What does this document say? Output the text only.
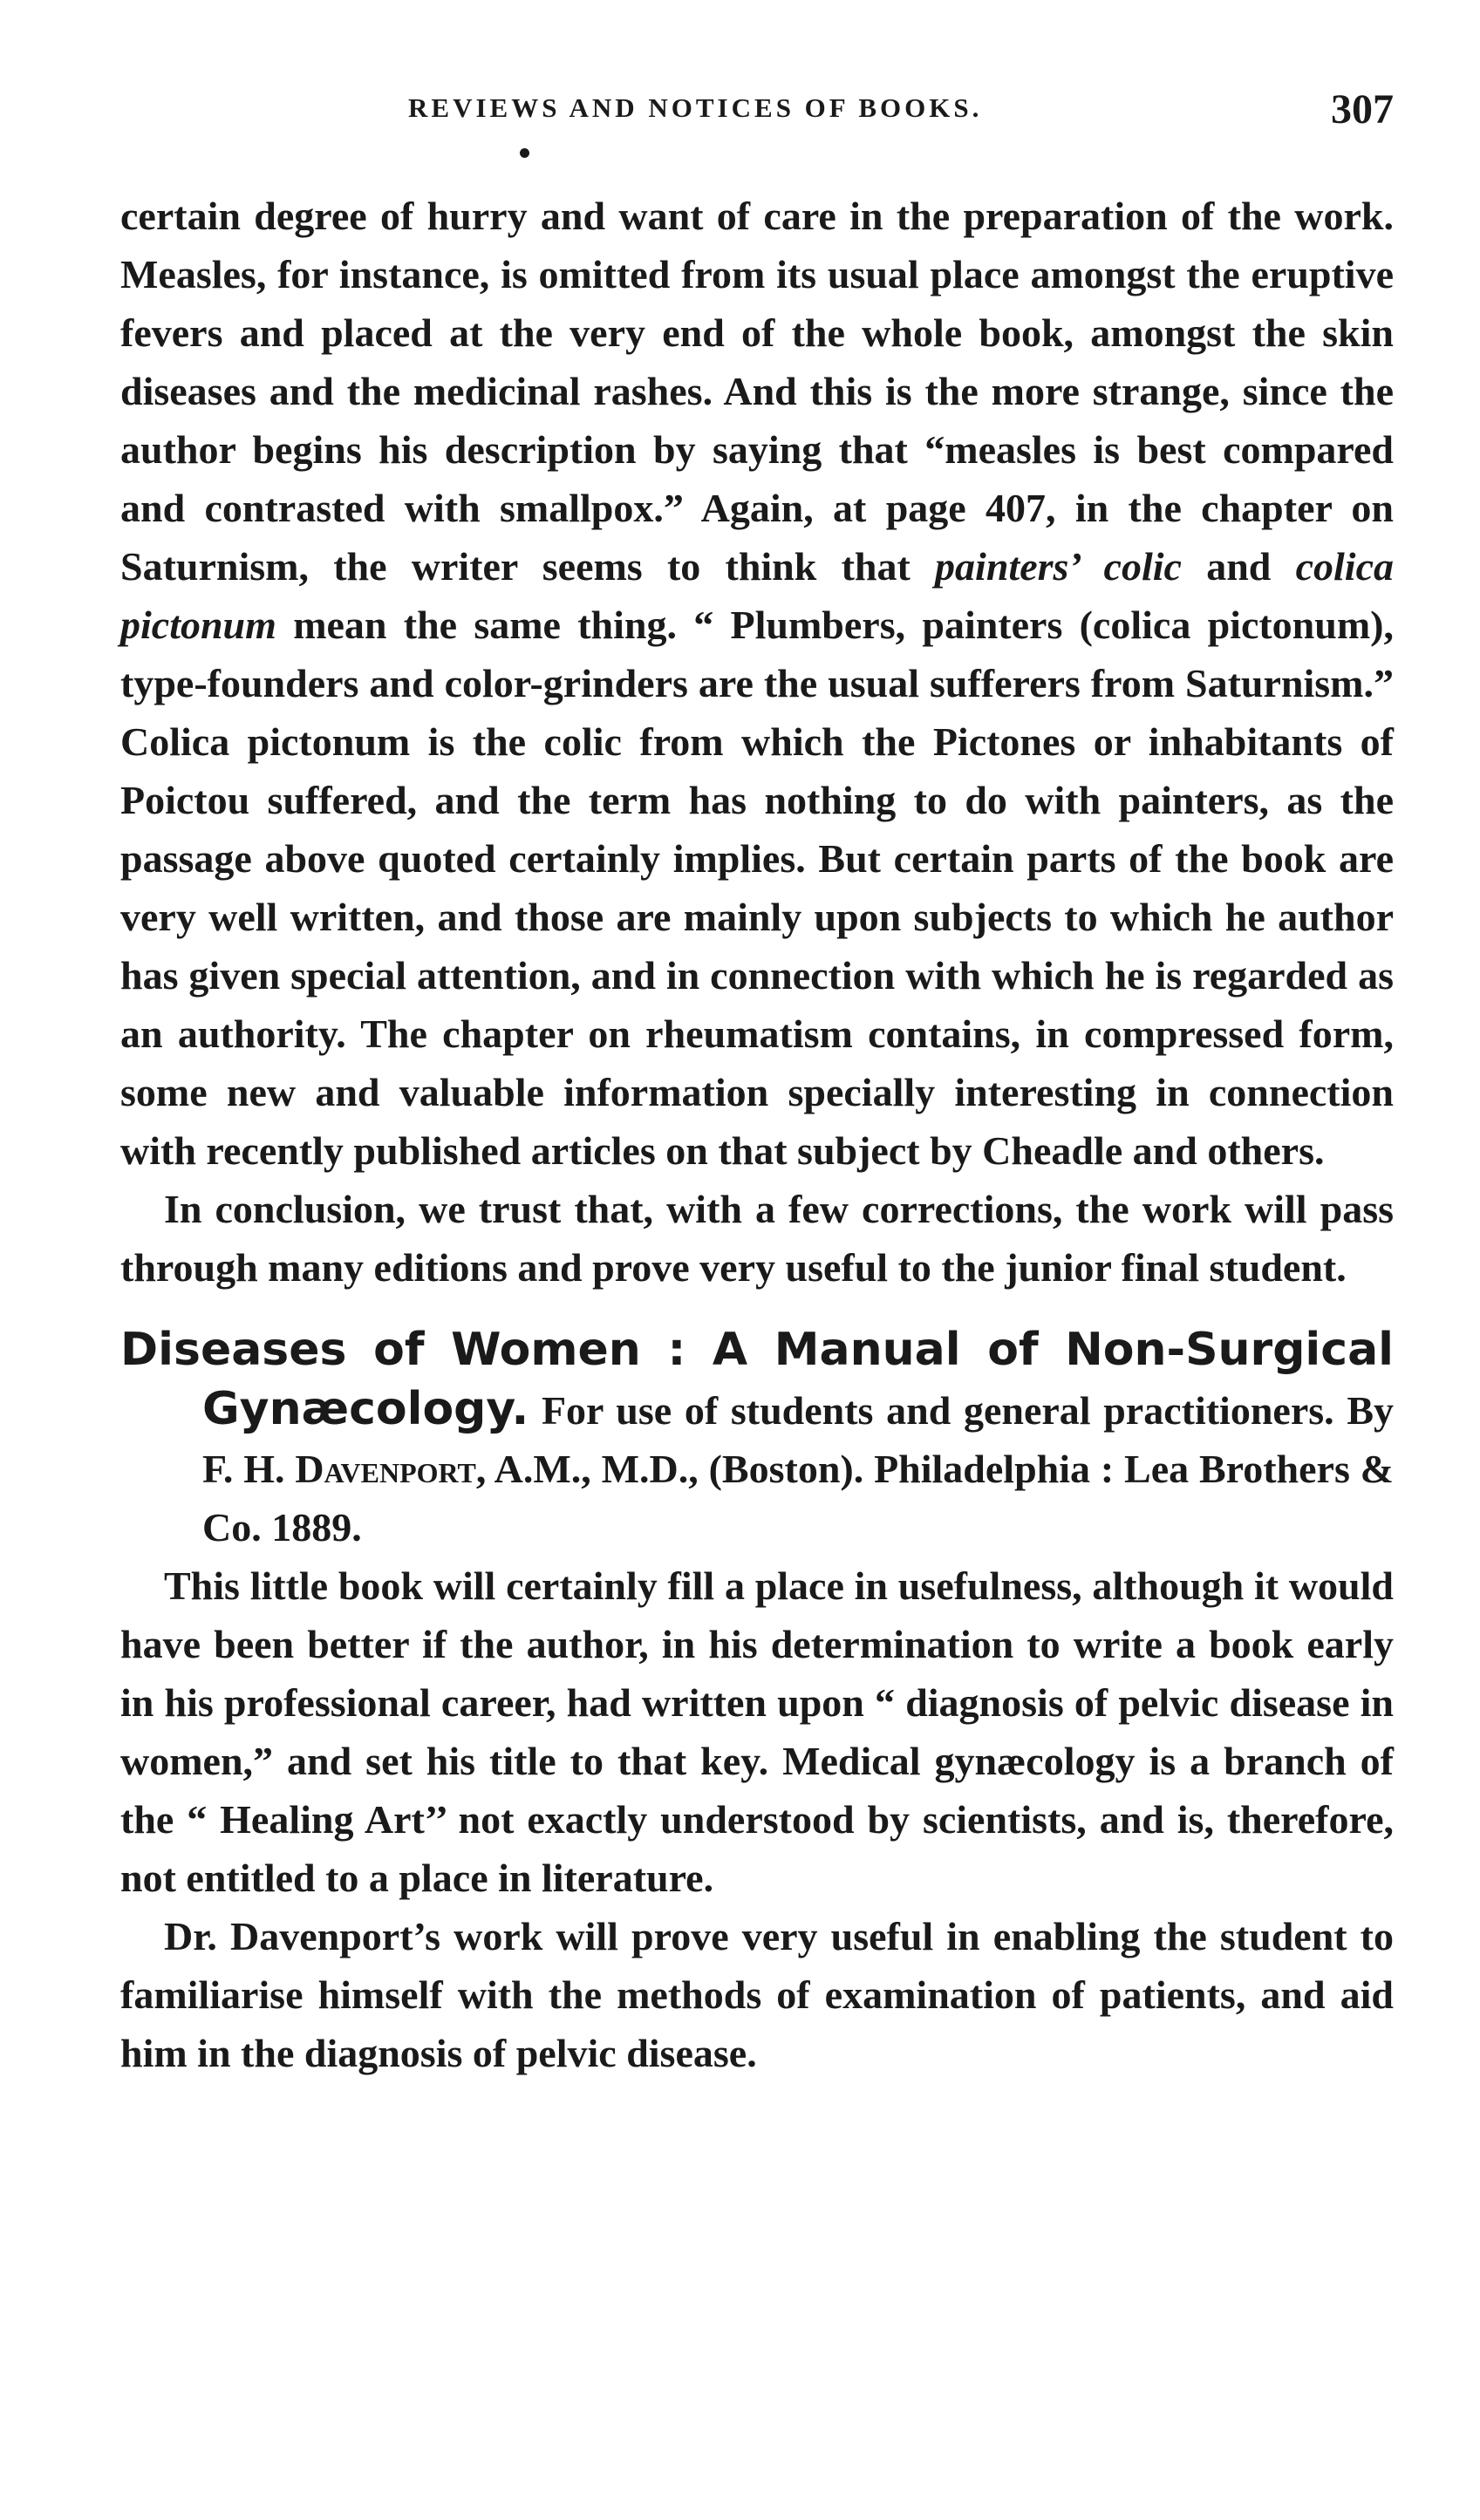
REVIEWS AND NOTICES OF BOOKS.	307

certain degree of hurry and want of care in the preparation of the work. Measles, for instance, is omitted from its usual place amongst the eruptive fevers and placed at the very end of the whole book, amongst the skin diseases and the medicinal rashes. And this is the more strange, since the author begins his description by saying that “measles is best compared and contrasted with smallpox.” Again, at page 407, in the chapter on Saturnism, the writer seems to think that painters’ colic and colica pictonum mean the same thing. “ Plumbers, painters (colica pictonum), type-founders and color-grinders are the usual sufferers from Saturnism.” Colica pictonum is the colic from which the Pictones or inhabitants of Poictou suffered, and the term has nothing to do with painters, as the passage above quoted certainly implies. But certain parts of the book are very well written, and those are mainly upon subjects to which he author has given special attention, and in connection with which he is regarded as an authority. The chapter on rheumatism contains, in compressed form, some new and valuable information specially interesting in connection with recently published articles on that subject by Cheadle and others.

In conclusion, we trust that, with a few corrections, the work will pass through many editions and prove very useful to the junior final student.

Diseases of Women : A Manual of Non-Surgical Gynæcology. For use of students and general practitioners. By F. H. Davenport, A.M., M.D., (Boston). Philadelphia : Lea Brothers & Co. 1889.

This little book will certainly fill a place in usefulness, although it would have been better if the author, in his determination to write a book early in his professional career, had written upon “ diagnosis of pelvic disease in women,” and set his title to that key. Medical gynæcology is a branch of the “ Healing Art’’ not exactly understood by scientists, and is, therefore, not entitled to a place in literature.

Dr. Davenport’s work will prove very useful in enabling the student to familiarise himself with the methods of examination of patients, and aid him in the diagnosis of pelvic disease.
